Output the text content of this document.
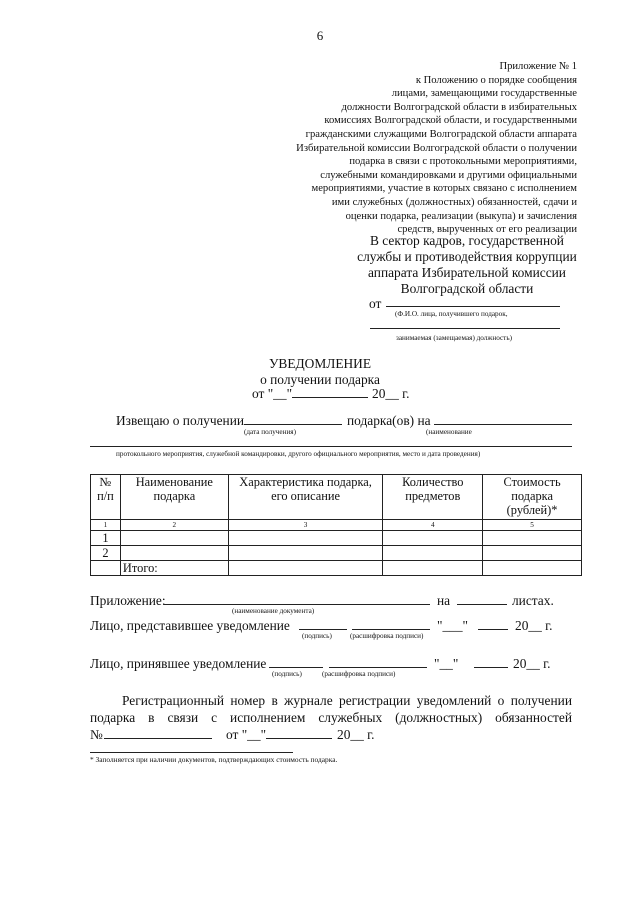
6
Приложение № 1
к Положению о порядке сообщения
лицами, замещающими государственные
должности Волгоградской области в избирательных
комиссиях Волгоградской области, и государственными
гражданскими служащими Волгоградской области аппарата
Избирательной комиссии Волгоградской области о получении
подарка в связи с протокольными мероприятиями,
служебными командировками и другими официальными
мероприятиями, участие в которых связано с исполнением
ими служебных (должностных) обязанностей, сдачи и
оценки подарка, реализации (выкупа) и зачисления
средств, вырученных от его реализации
В сектор кадров, государственной
службы и противодействия коррупции
аппарата Избирательной комиссии
Волгоградской области
от
(Ф.И.О. лица, получившего подарок,
занимаемая (замещаемая) должность)
УВЕДОМЛЕНИЕ
о получении подарка
от "__"	20__ г.
Извещаю о получении	подарка(ов) на
(дата получения)	(наименование
протокольного мероприятия, служебной командировки, другого официального мероприятия, место и дата проведения)
№ п/п	Наименование подарка	Характеристика подарка, его описание	Количество предметов	Стоимость подарка (рублей)*
1	2	3	4	5
1				
2				
	Итого:			
Приложение:	на	листах.
(наименование документа)
Лицо, представившее уведомление	"___"	20__ г.
(подпись)	(расшифровка подписи)
Лицо, принявшее уведомление	"__"	20__ г.
(подпись)	(расшифровка подписи)
Регистрационный номер в журнале регистрации уведомлений о получении
подарка в связи с исполнением служебных (должностных) обязанностей
№	от "__"	20__ г.
* Заполняется при наличии документов, подтверждающих стоимость подарка.
